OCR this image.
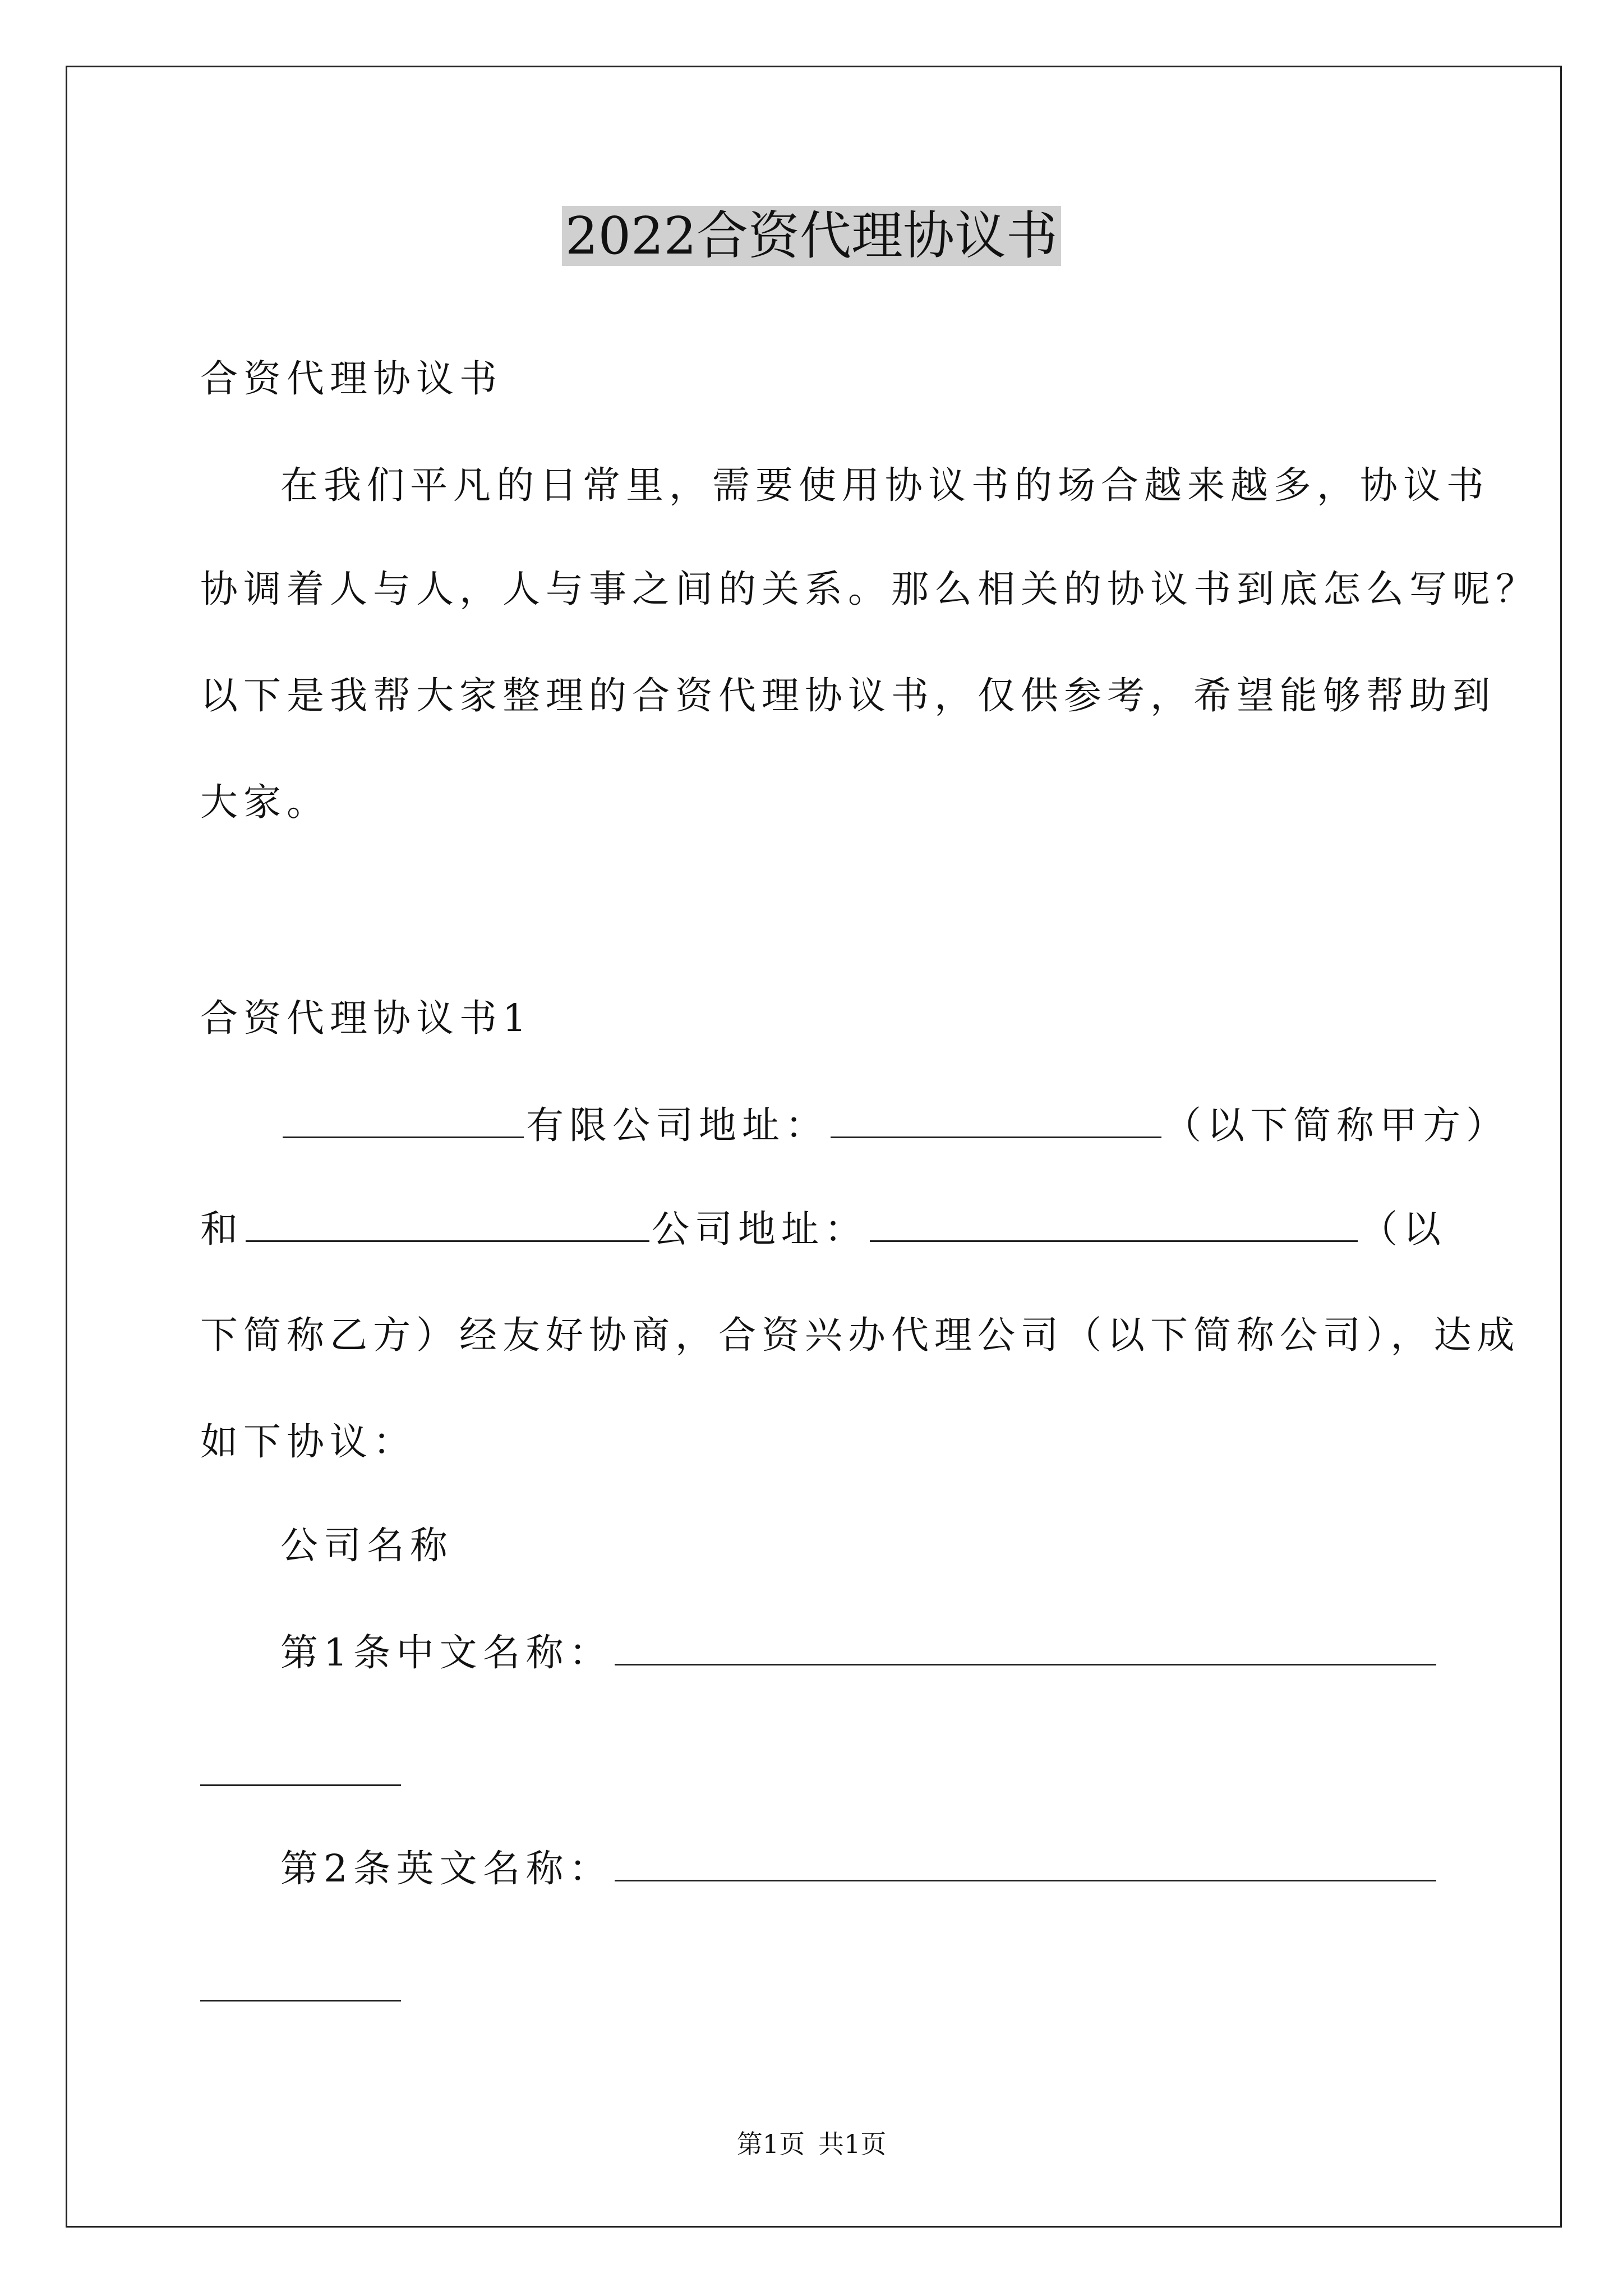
2022合资代理协议书

合资代理协议书

在我们平凡的日常里，需要使用协议书的场合越来越多，协议书

协调着人与人，人与事之间的关系。那么相关的协议书到底怎么写呢？

以下是我帮大家整理的合资代理协议书，仅供参考，希望能够帮助到

大家。

合资代理协议书1

有限公司地址：	（以下简称甲方）

和	公司地址：	（以

下简称乙方）经友好协商，合资兴办代理公司（以下简称公司），达成

如下协议：

公司名称

第1条中文名称：

第2条英文名称：

第1页 共1页
